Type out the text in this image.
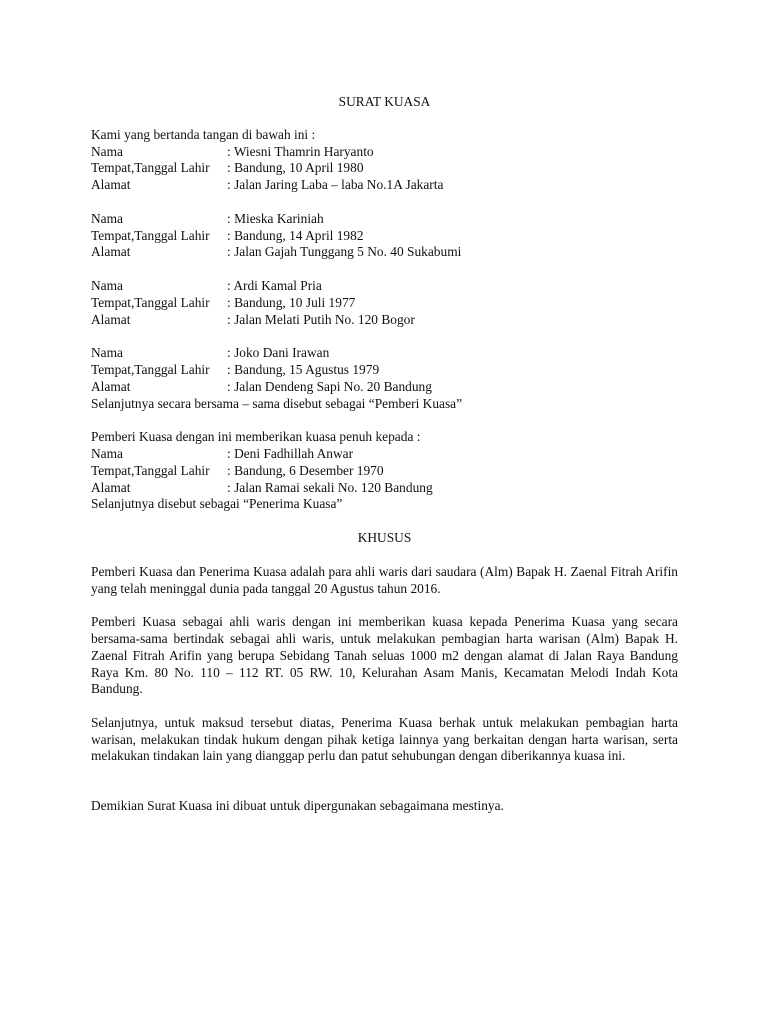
SURAT KUASA

Kami yang bertanda tangan di bawah ini :

Nama	: Wiesni Thamrin Haryanto
Tempat,Tanggal Lahir	: Bandung, 10 April 1980
Alamat	: Jalan Jaring Laba – laba No.1A Jakarta
Nama	: Mieska Kariniah
Tempat,Tanggal Lahir	: Bandung, 14 April 1982
Alamat	: Jalan Gajah Tunggang 5 No. 40 Sukabumi
Nama	: Ardi Kamal Pria
Tempat,Tanggal Lahir	: Bandung, 10 Juli 1977
Alamat	: Jalan Melati Putih No. 120 Bogor
Nama	: Joko Dani Irawan
Tempat,Tanggal Lahir	: Bandung, 15 Agustus 1979
Alamat	: Jalan Dendeng Sapi No. 20 Bandung

Selanjutnya secara bersama – sama disebut sebagai “Pemberi Kuasa”

Pemberi Kuasa dengan ini memberikan kuasa penuh kepada :

Nama	: Deni Fadhillah Anwar
Tempat,Tanggal Lahir	: Bandung, 6 Desember 1970
Alamat	: Jalan Ramai sekali No. 120 Bandung

Selanjutnya disebut sebagai “Penerima Kuasa”

KHUSUS

Pemberi Kuasa dan Penerima Kuasa adalah para ahli waris dari saudara (Alm) Bapak H. Zaenal Fitrah Arifin yang telah meninggal dunia pada tanggal 20 Agustus tahun 2016.

Pemberi Kuasa sebagai ahli waris dengan ini memberikan kuasa kepada Penerima Kuasa yang secara bersama-sama bertindak sebagai ahli waris, untuk melakukan pembagian harta warisan (Alm) Bapak H. Zaenal Fitrah Arifin yang berupa Sebidang Tanah seluas 1000 m2 dengan alamat di Jalan Raya Bandung Raya Km. 80 No. 110 – 112 RT. 05 RW. 10, Kelurahan Asam Manis, Kecamatan Melodi Indah Kota Bandung.

Selanjutnya, untuk maksud tersebut diatas, Penerima Kuasa berhak untuk melakukan pembagian harta warisan, melakukan tindak hukum dengan pihak ketiga lainnya yang berkaitan dengan harta warisan, serta melakukan tindakan lain yang dianggap perlu dan patut sehubungan dengan diberikannya kuasa ini.

Demikian Surat Kuasa ini dibuat untuk dipergunakan sebagaimana mestinya.
